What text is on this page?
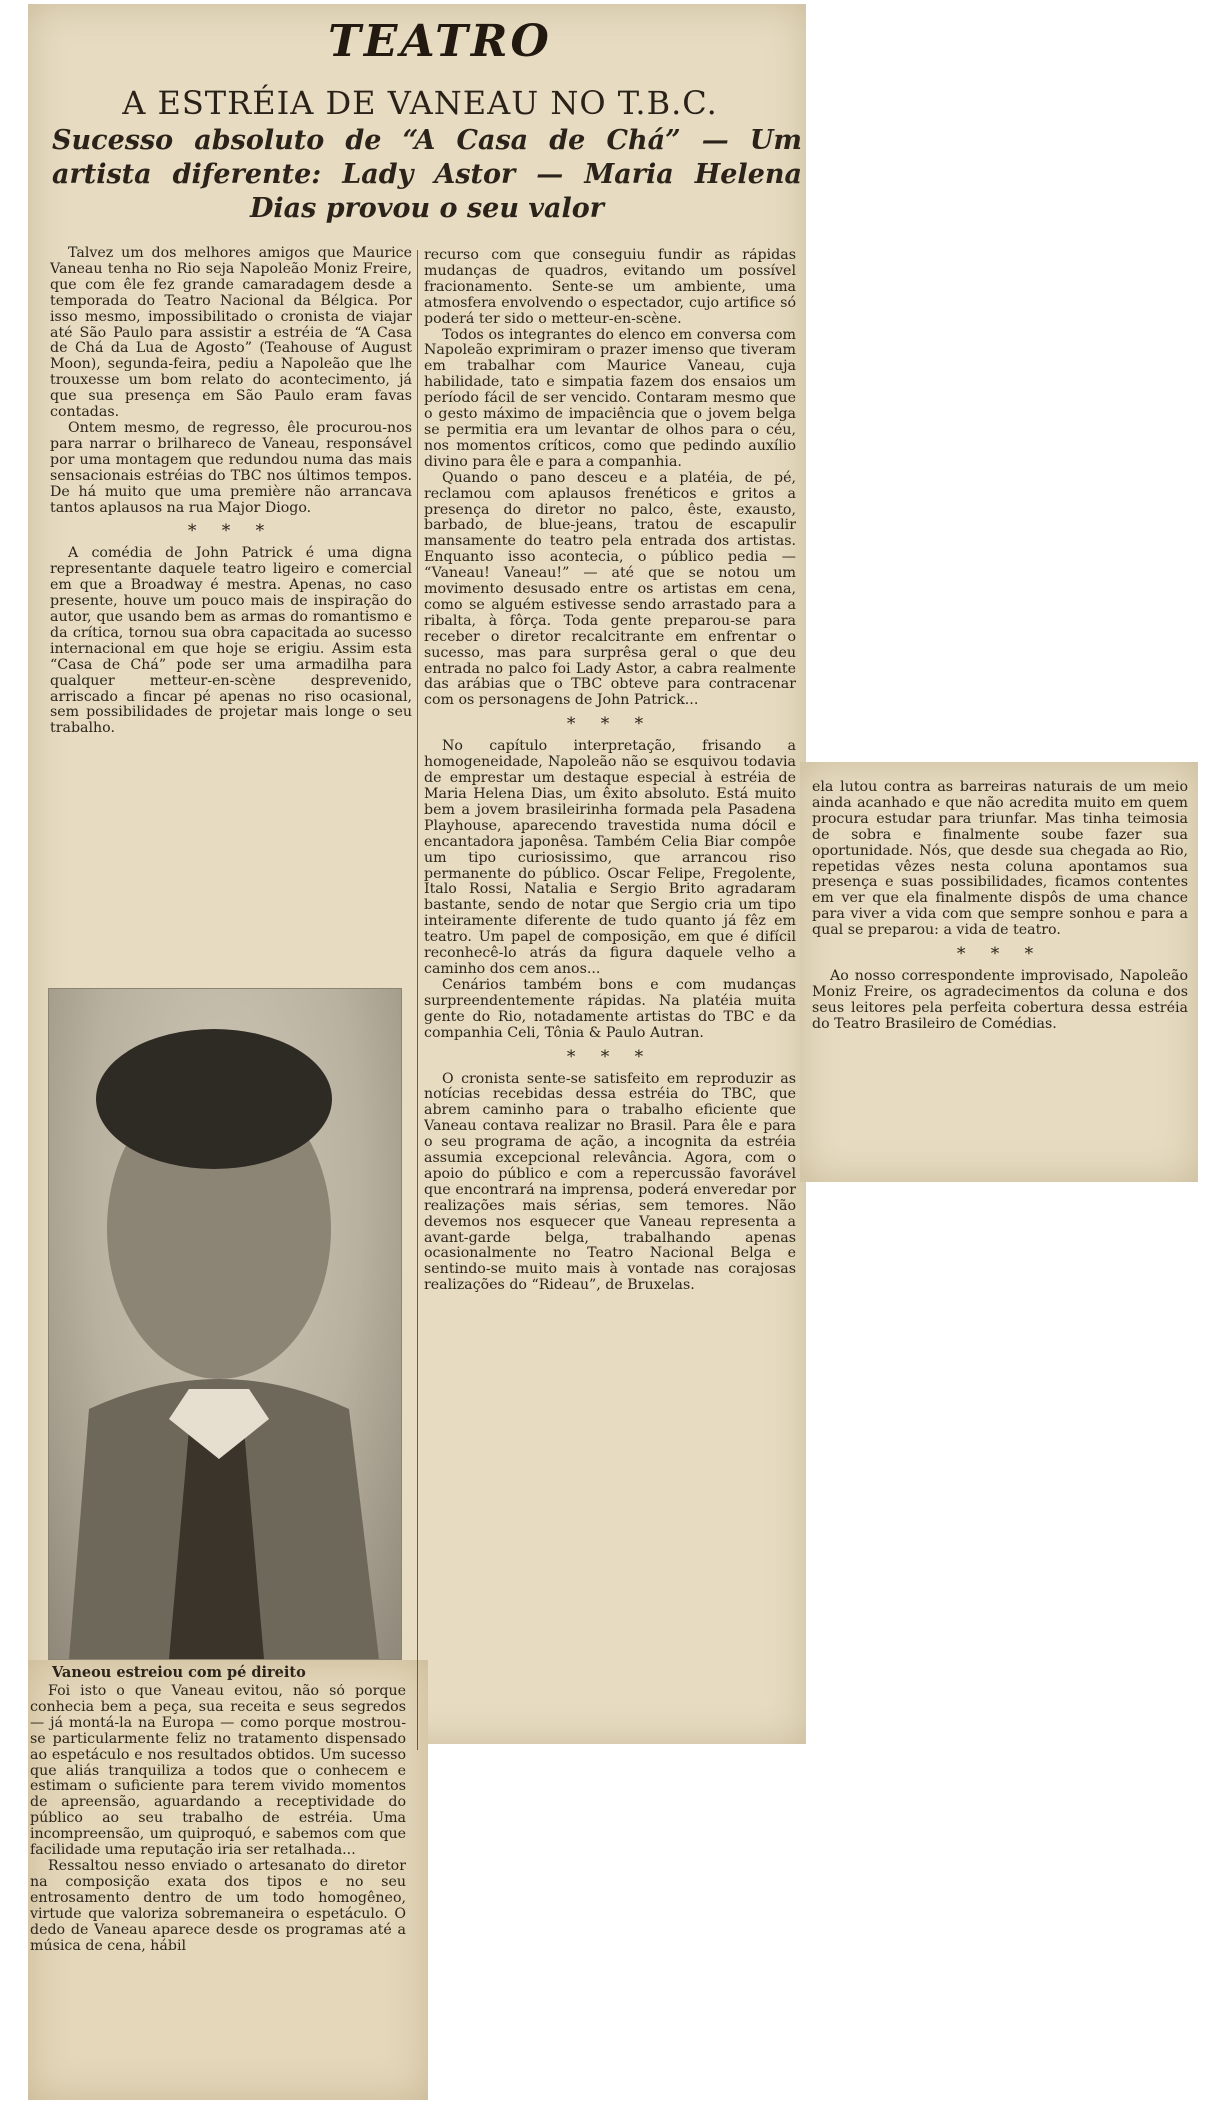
TEATRO
A ESTRÉIA DE VANEAU NO T.B.C.
Sucesso absoluto de “A Casa de Chá” — Um artista diferente: Lady Astor — Maria Helena Dias provou o seu valor

Talvez um dos melhores amigos que Maurice Vaneau tenha no Rio seja Napoleão Moniz Freire, que com êle fez grande camaradagem desde a temporada do Teatro Nacional da Bélgica. Por isso mesmo, impossibilitado o cronista de viajar até São Paulo para assistir a estréia de “A Casa de Chá da Lua de Agosto” (Teahouse of August Moon), segunda-feira, pediu a Napoleão que lhe trouxesse um bom relato do acontecimento, já que sua presença em São Paulo eram favas contadas.

Ontem mesmo, de regresso, êle procurou-nos para narrar o brilhareco de Vaneau, responsável por uma montagem que redundou numa das mais sensacionais estréias do TBC nos últimos tempos. De há muito que uma première não arrancava tantos aplausos na rua Major Diogo.

* * *

A comédia de John Patrick é uma digna representante daquele teatro ligeiro e comercial em que a Broadway é mestra. Apenas, no caso presente, houve um pouco mais de inspiração do autor, que usando bem as armas do romantismo e da crítica, tornou sua obra capacitada ao sucesso internacional em que hoje se erigiu. Assim esta “Casa de Chá” pode ser uma armadilha para qualquer metteur-en-scène desprevenido, arriscado a fincar pé apenas no riso ocasional, sem possibilidades de projetar mais longe o seu trabalho.

Vaneou estreiou com pé direito

Foi isto o que Vaneau evitou, não só porque conhecia bem a peça, sua receita e seus segredos — já montá-la na Europa — como porque mostrou-se particularmente feliz no tratamento dispensado ao espetáculo e nos resultados obtidos. Um sucesso que aliás tranquiliza a todos que o conhecem e estimam o suficiente para terem vivido momentos de apreensão, aguardando a receptividade do público ao seu trabalho de estréia. Uma incompreensão, um quiproquó, e sabemos com que facilidade uma reputação iria ser retalhada...

Ressaltou nesso enviado o artesanato do diretor na composição exata dos tipos e no seu entrosamento dentro de um todo homogêneo, virtude que valoriza sobremaneira o espetáculo. O dedo de Vaneau aparece desde os programas até a música de cena, hábil

recurso com que conseguiu fundir as rápidas mudanças de quadros, evitando um possível fracionamento. Sente-se um ambiente, uma atmosfera envolvendo o espectador, cujo artifice só poderá ter sido o metteur-en-scène.

Todos os integrantes do elenco em conversa com Napoleão exprimiram o prazer imenso que tiveram em trabalhar com Maurice Vaneau, cuja habilidade, tato e simpatia fazem dos ensaios um período fácil de ser vencido. Contaram mesmo que o gesto máximo de impaciência que o jovem belga se permitia era um levantar de olhos para o céu, nos momentos críticos, como que pedindo auxílio divino para êle e para a companhia.

Quando o pano desceu e a platéia, de pé, reclamou com aplausos frenéticos e gritos a presença do diretor no palco, êste, exausto, barbado, de blue-jeans, tratou de escapulir mansamente do teatro pela entrada dos artistas. Enquanto isso acontecia, o público pedia — “Vaneau! Vaneau!” — até que se notou um movimento desusado entre os artistas em cena, como se alguém estivesse sendo arrastado para a ribalta, à fôrça. Toda gente preparou-se para receber o diretor recalcitrante em enfrentar o sucesso, mas para surprêsa geral o que deu entrada no palco foi Lady Astor, a cabra realmente das arábias que o TBC obteve para contracenar com os personagens de John Patrick...

* * *

No capítulo interpretação, frisando a homogeneidade, Napoleão não se esquivou todavia de emprestar um destaque especial à estréia de Maria Helena Dias, um êxito absoluto. Está muito bem a jovem brasileirinha formada pela Pasadena Playhouse, aparecendo travestida numa dócil e encantadora japonêsa. Também Celia Biar compôe um tipo curiosissimo, que arrancou riso permanente do público. Oscar Felipe, Fregolente, Italo Rossi, Natalia e Sergio Brito agradaram bastante, sendo de notar que Sergio cria um tipo inteiramente diferente de tudo quanto já fêz em teatro. Um papel de composição, em que é difícil reconhecê-lo atrás da figura daquele velho a caminho dos cem anos...

Cenários também bons e com mudanças surpreendentemente rápidas. Na platéia muita gente do Rio, notadamente artistas do TBC e da companhia Celi, Tônia & Paulo Autran.

* * *

O cronista sente-se satisfeito em reproduzir as notícias recebidas dessa estréia do TBC, que abrem caminho para o trabalho eficiente que Vaneau contava realizar no Brasil. Para êle e para o seu programa de ação, a incognita da estréia assumia excepcional relevância. Agora, com o apoio do público e com a repercussão favorável que encontrará na imprensa, poderá enveredar por realizações mais sérias, sem temores. Não devemos nos esquecer que Vaneau representa a avant-garde belga, trabalhando apenas ocasionalmente no Teatro Nacional Belga e sentindo-se muito mais à vontade nas corajosas realizações do “Rideau”, de Bruxelas.

ela lutou contra as barreiras naturais de um meio ainda acanhado e que não acredita muito em quem procura estudar para triunfar. Mas tinha teimosia de sobra e finalmente soube fazer sua oportunidade. Nós, que desde sua chegada ao Rio, repetidas vêzes nesta coluna apontamos sua presença e suas possibilidades, ficamos contentes em ver que ela finalmente dispôs de uma chance para viver a vida com que sempre sonhou e para a qual se preparou: a vida de teatro.

* * *

Ao nosso correspondente improvisado, Napoleão Moniz Freire, os agradecimentos da coluna e dos seus leitores pela perfeita cobertura dessa estréia do Teatro Brasileiro de Comédias.
